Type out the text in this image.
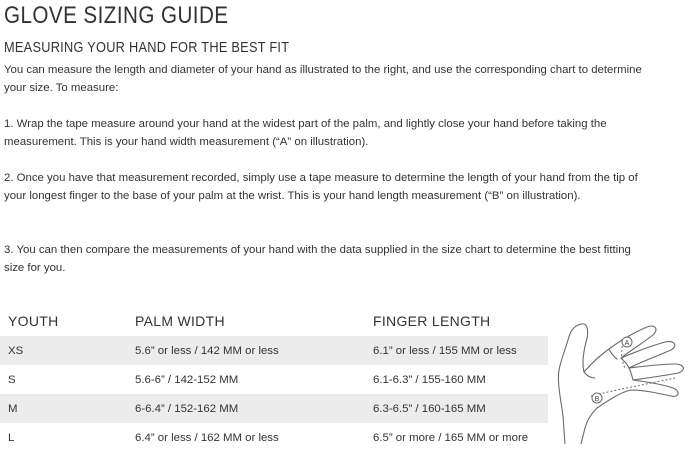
GLOVE SIZING GUIDE
MEASURING YOUR HAND FOR THE BEST FIT
You can measure the length and diameter of your hand as illustrated to the right, and use the corresponding chart to determine your size. To measure:
1. Wrap the tape measure around your hand at the widest part of the palm, and lightly close your hand before taking the measurement. This is your hand width measurement (“A” on illustration).
2. Once you have that measurement recorded, simply use a tape measure to determine the length of your hand from the tip of your longest finger to the base of your palm at the wrist. This is your hand length measurement (“B” on illustration).
3. You can then compare the measurements of your hand with the data supplied in the size chart to determine the best fitting size for you.
YOUTH	PALM WIDTH	FINGER LENGTH
XS	5.6” or less / 142 MM or less	6.1” or less / 155 MM or less
S	5.6-6” / 142-152 MM	6.1-6.3” / 155-160 MM
M	6-6.4” / 152-162 MM	6.3-6.5” / 160-165 MM
L	6.4” or less / 162 MM or less	6.5” or more / 165 MM or more
A
B
